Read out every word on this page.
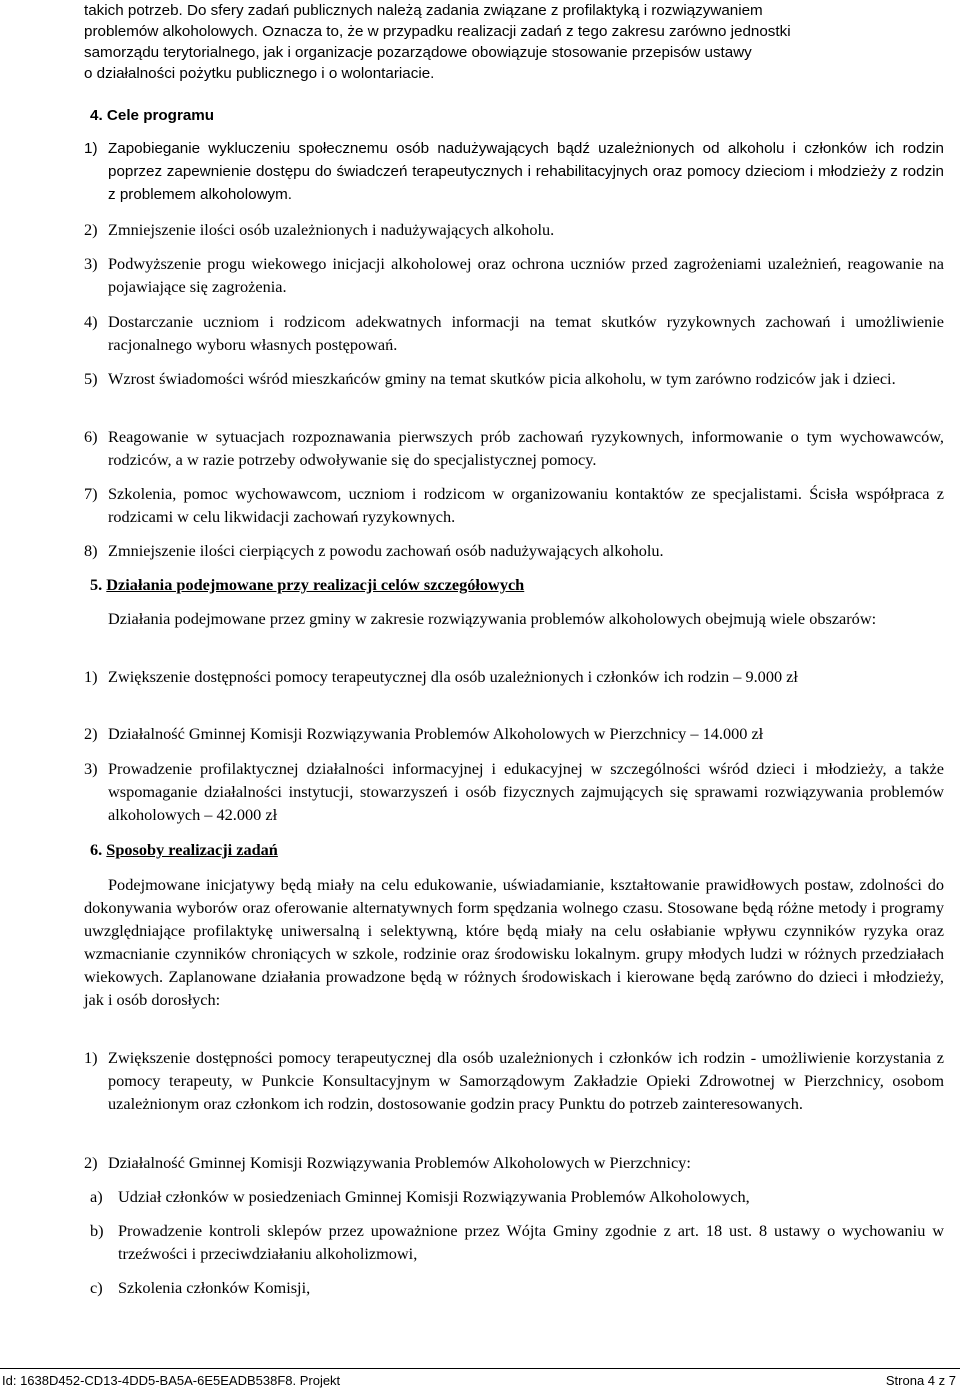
takich potrzeb. Do sfery zadań publicznych należą zadania związane z profilaktyką i rozwiązywaniem
problemów alkoholowych. Oznacza to, że w przypadku realizacji zadań z tego zakresu zarówno jednostki
samorządu terytorialnego, jak i organizacje pozarządowe obowiązuje stosowanie przepisów ustawy
o działalności pożytku publicznego i o wolontariacie.
4. Cele programu
1) Zapobieganie wykluczeniu społecznemu osób nadużywających bądź uzależnionych od alkoholu i członków ich rodzin poprzez zapewnienie dostępu do świadczeń terapeutycznych i rehabilitacyjnych oraz pomocy dzieciom i młodzieży z rodzin z problemem alkoholowym.
2) Zmniejszenie ilości osób uzależnionych i nadużywających alkoholu.
3) Podwyższenie progu wiekowego inicjacji alkoholowej oraz ochrona uczniów przed zagrożeniami uzależnień, reagowanie na pojawiające się zagrożenia.
4) Dostarczanie uczniom i rodzicom adekwatnych informacji na temat skutków ryzykownych zachowań i umożliwienie racjonalnego wyboru własnych postępowań.
5) Wzrost świadomości wśród mieszkańców gminy na temat skutków picia alkoholu, w tym zarówno rodziców jak i dzieci.
6) Reagowanie w sytuacjach rozpoznawania pierwszych prób zachowań ryzykownych, informowanie o tym wychowawców, rodziców, a w razie potrzeby odwoływanie się do specjalistycznej pomocy.
7) Szkolenia, pomoc wychowawcom, uczniom i rodzicom w organizowaniu kontaktów ze specjalistami. Ścisła współpraca z rodzicami w celu likwidacji zachowań ryzykownych.
8) Zmniejszenie ilości cierpiących z powodu zachowań osób nadużywających alkoholu.
5. Działania podejmowane przy realizacji celów szczegółowych
Działania podejmowane przez gminy w zakresie rozwiązywania problemów alkoholowych obejmują wiele obszarów:
1) Zwiększenie dostępności pomocy terapeutycznej dla osób uzależnionych i członków ich rodzin – 9.000 zł
2) Działalność Gminnej Komisji Rozwiązywania Problemów Alkoholowych w Pierzchnicy – 14.000 zł
3) Prowadzenie profilaktycznej działalności informacyjnej i edukacyjnej w szczególności wśród dzieci i młodzieży, a także wspomaganie działalności instytucji, stowarzyszeń i osób fizycznych zajmujących się sprawami rozwiązywania problemów alkoholowych – 42.000 zł
6. Sposoby realizacji zadań
Podejmowane inicjatywy będą miały na celu edukowanie, uświadamianie, kształtowanie prawidłowych postaw, zdolności do dokonywania wyborów oraz oferowanie alternatywnych form spędzania wolnego czasu. Stosowane będą różne metody i programy uwzględniające profilaktykę uniwersalną i selektywną, które będą miały na celu osłabianie wpływu czynników ryzyka oraz wzmacnianie czynników chroniących w szkole, rodzinie oraz środowisku lokalnym. grupy młodych ludzi w różnych przedziałach wiekowych. Zaplanowane działania prowadzone będą w różnych środowiskach i kierowane będą zarówno do dzieci i młodzieży, jak i osób dorosłych:
1) Zwiększenie dostępności pomocy terapeutycznej dla osób uzależnionych i członków ich rodzin - umożliwienie korzystania z pomocy terapeuty, w Punkcie Konsultacyjnym w Samorządowym Zakładzie Opieki Zdrowotnej w Pierzchnicy, osobom uzależnionym oraz członkom ich rodzin, dostosowanie godzin pracy Punktu do potrzeb zainteresowanych.
2) Działalność Gminnej Komisji Rozwiązywania Problemów Alkoholowych w Pierzchnicy:
a) Udział członków w posiedzeniach Gminnej Komisji Rozwiązywania Problemów Alkoholowych,
b) Prowadzenie kontroli sklepów przez upoważnione przez Wójta Gminy zgodnie z art. 18 ust. 8 ustawy o wychowaniu w trzeźwości i przeciwdziałaniu alkoholizmowi,
c) Szkolenia członków Komisji,
Id: 1638D452-CD13-4DD5-BA5A-6E5EADB538F8. Projekt	Strona 4 z 7
